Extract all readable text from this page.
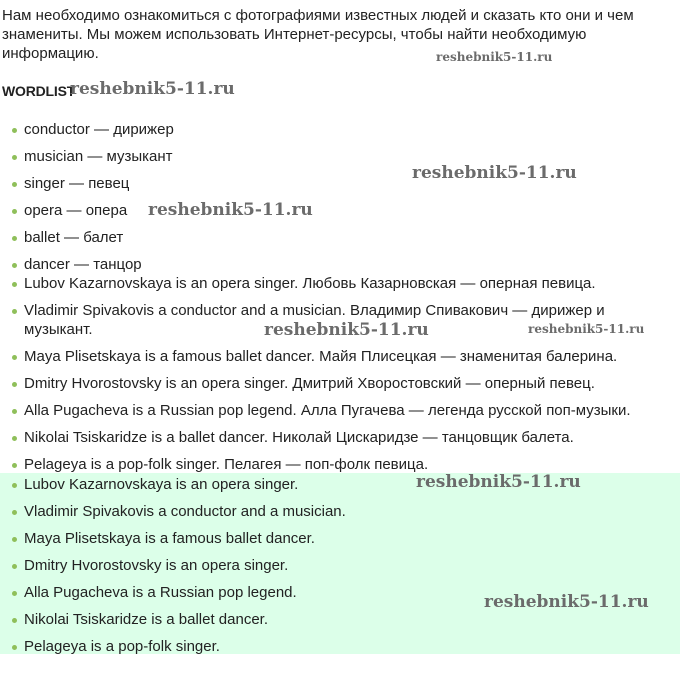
Нам необходимо ознакомиться с фотографиями известных людей и сказать кто они и чем знамениты. Мы можем использовать Интернет-ресурсы, чтобы найти необходимую информацию.

WORDLIST
conductor — дирижер
musician — музыкант
singer — певец
opera — опера
ballet — балет
dancer — танцор
Lubov Kazarnovskaya is an opera singer. Любовь Казарновская — оперная певица.
Vladimir Spivakovis a conductor and a musician. Владимир Спивакович — дирижер и музыкант.
Maya Plisetskaya is a famous ballet dancer. Майя Плисецкая — знаменитая балерина.
Dmitry Hvorostovsky is an opera singer. Дмитрий Хворостовский — оперный певец.
Alla Pugacheva is a Russian pop legend. Алла Пугачева — легенда русской поп-музыки.
Nikolai Tsiskaridze is a ballet dancer. Николай Цискаридзе — танцовщик балета.
Pelageya is a pop-folk singer. Пелагея — поп-фолк певица.
Lubov Kazarnovskaya is an opera singer.
Vladimir Spivakovis a conductor and a musician.
Maya Plisetskaya is a famous ballet dancer.
Dmitry Hvorostovsky is an opera singer.
Alla Pugacheva is a Russian pop legend.
Nikolai Tsiskaridze is a ballet dancer.
Pelageya is a pop-folk singer.
reshebnik5-11.ru
reshebnik5-11.ru
reshebnik5-11.ru
reshebnik5-11.ru
reshebnik5-11.ru	reshebnik5-11.ru
reshebnik5-11.ru
reshebnik5-11.ru
